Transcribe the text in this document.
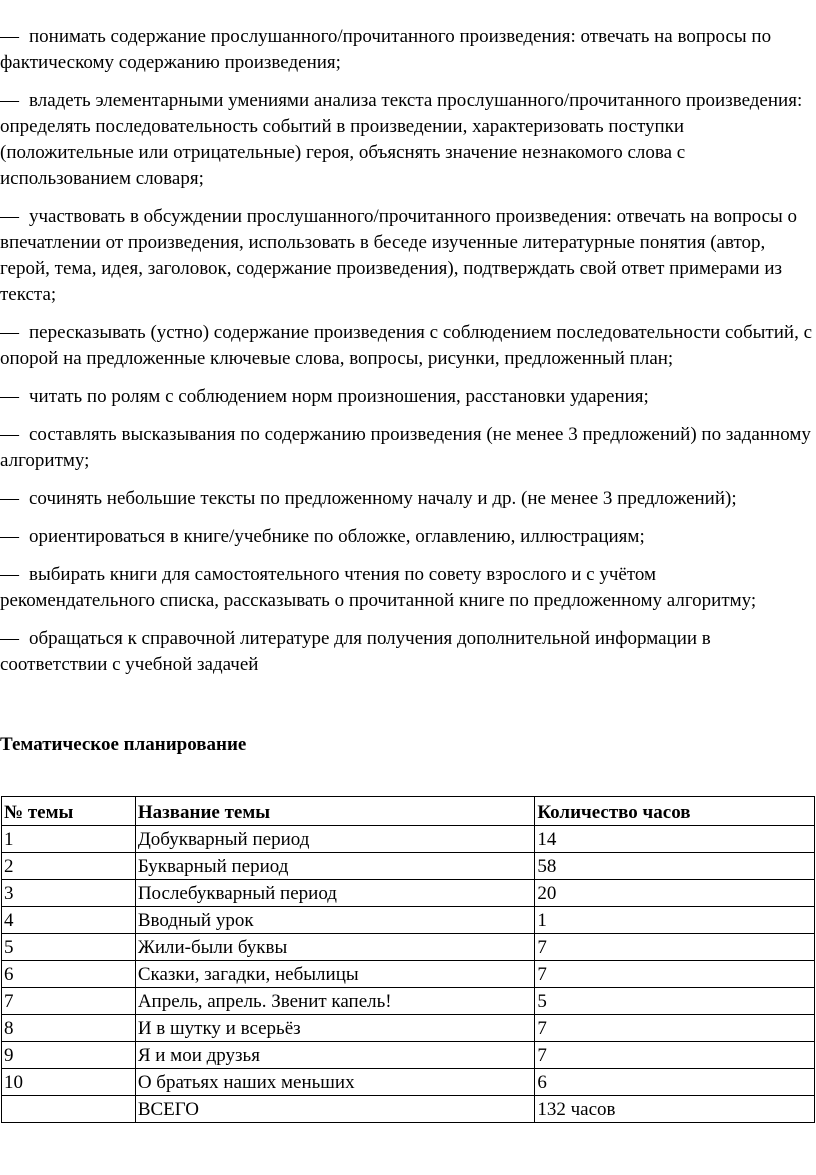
— понимать содержание прослушанного/прочитанного произведения: отвечать на вопросы по фактическому содержанию произведения;

— владеть элементарными умениями анализа текста прослушанного/прочитанного произведения: определять последовательность событий в произведении, характеризовать поступки (положительные или отрицательные) героя, объяснять значение незнакомого слова с использованием словаря;

— участвовать в обсуждении прослушанного/прочитанного произведения: отвечать на вопросы о впечатлении от произведения, использовать в беседе изученные литературные понятия (автор, герой, тема, идея, заголовок, содержание произведения), подтверждать свой ответ примерами из текста;

— пересказывать (устно) содержание произведения с соблюдением последовательности событий, с опорой на предложенные ключевые слова, вопросы, рисунки, предложенный план;

— читать по ролям с соблюдением норм произношения, расстановки ударения;

— составлять высказывания по содержанию произведения (не менее 3 предложений) по заданному алгоритму;

— сочинять небольшие тексты по предложенному началу и др. (не менее 3 предложений);

— ориентироваться в книге/учебнике по обложке, оглавлению, иллюстрациям;

— выбирать книги для самостоятельного чтения по совету взрослого и с учётом рекомендательного списка, рассказывать о прочитанной книге по предложенному алгоритму;

— обращаться к справочной литературе для получения дополнительной информации в соответствии с учебной задачей

Тематическое планирование
№ темы	Название темы	Количество часов
1	Добукварный период	14
2	Букварный период	58
3	Послебукварный период	20
4	Вводный урок	1
5	Жили-были буквы	7
6	Сказки, загадки, небылицы	7
7	Апрель, апрель. Звенит капель!	5
8	И в шутку и всерьёз	7
9	Я и мои друзья	7
10	О братьях наших меньших	6
	ВСЕГО	132 часов
